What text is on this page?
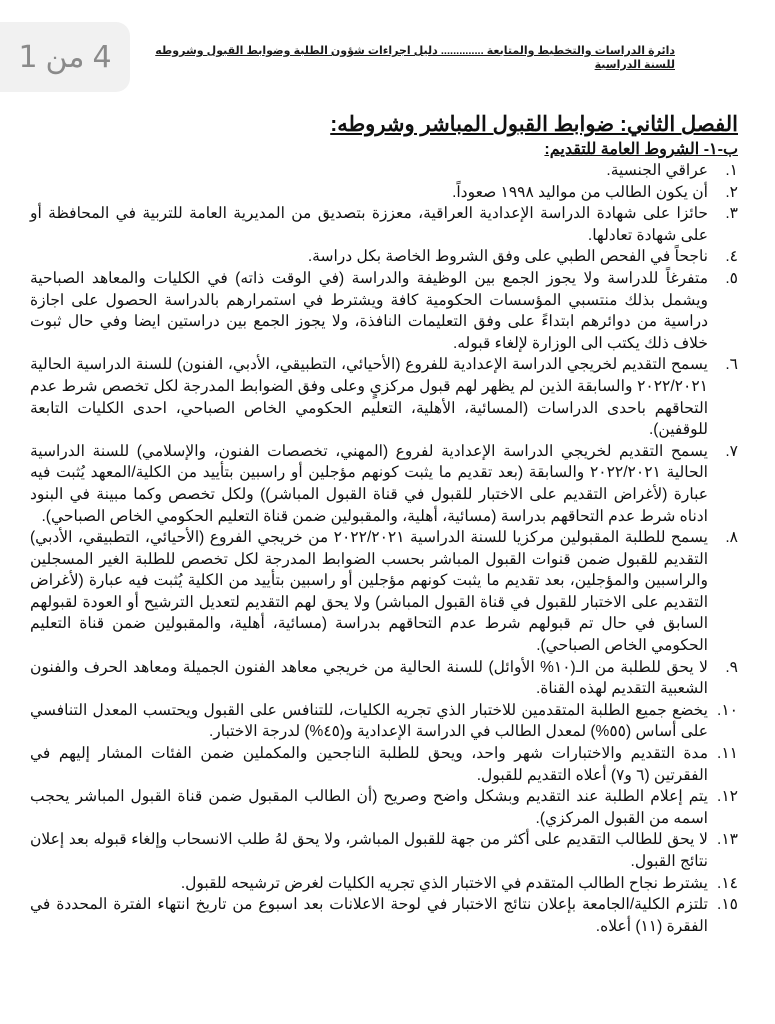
4
من
1	دائرة الدراسات والتخطيط والمتابعة .............. دليل اجراءات شؤون الطلبة وضوابط القبول وشروطه للسنة الدراسية
الفصل الثاني: ضوابط القبول المباشر وشروطه:
ب-١- الشروط العامة للتقديم:
١.
عراقي الجنسية.
٢.
أن يكون الطالب من مواليد ١٩٩٨ صعوداً.
٣.
حائزا على شهادة الدراسة الإعدادية العراقية، معززة بتصديق من المديرية العامة للتربية في المحافظة أو على شهادة تعادلها.
٤.
ناجحاً في الفحص الطبي على وفق الشروط الخاصة بكل دراسة.
٥.
متفرغاً للدراسة ولا يجوز الجمع بين الوظيفة والدراسة (في الوقت ذاته) في الكليات والمعاهد الصباحية ويشمل بذلك منتسبي المؤسسات الحكومية كافة ويشترط في استمرارهم بالدراسة الحصول على اجازة دراسية من دوائرهم ابتداءً على وفق التعليمات النافذة، ولا يجوز الجمع بين دراستين ايضا وفي حال ثبوت خلاف ذلك يكتب الى الوزارة لإلغاء قبوله.
٦.
يسمح التقديم لخريجي الدراسة الإعدادية للفروع (الأحيائي، التطبيقي، الأدبي، الفنون) للسنة الدراسية الحالية ٢٠٢٢/٢٠٢١ والسابقة الذين لم يظهر لهم قبول مركزيٍ وعلى وفق الضوابط المدرجة لكل تخصص شرط عدم التحاقهم باحدى الدراسات (المسائية، الأهلية، التعليم الحكومي الخاص الصباحي، احدى الكليات التابعة للوقفين).
٧.
يسمح التقديم لخريجي الدراسة الإعدادية لفروع (المهني، تخصصات الفنون، والإسلامي) للسنة الدراسية الحالية ٢٠٢٢/٢٠٢١ والسابقة (بعد تقديم ما يثبت كونهم مؤجلين أو راسبين بتأييد من الكلية/المعهد يُثبت فيه عبارة (لأغراض التقديم على الاختبار للقبول في قناة القبول المباشر)) ولكل تخصص وكما مبينة في البنود ادناه شرط عدم التحاقهم بدراسة (مسائية، أهلية، والمقبولين ضمن قناة التعليم الحكومي الخاص الصباحي).
٨.
يسمح للطلبة المقبولين مركزيا للسنة الدراسية ٢٠٢٢/٢٠٢١ من خريجي الفروع (الأحيائي، التطبيقي، الأدبي) التقديم للقبول ضمن قنوات القبول المباشر بحسب الضوابط المدرجة لكل تخصص للطلبة الغير المسجلين والراسبين والمؤجلين، بعد تقديم ما يثبت كونهم مؤجلين أو راسبين بتأييد من الكلية يُثبت فيه عبارة (لأغراض التقديم على الاختبار للقبول في قناة القبول المباشر) ولا يحق لهم التقديم لتعديل الترشيح أو العودة لقبولهم السابق في حال تم قبولهم شرط عدم التحاقهم بدراسة (مسائية، أهلية، والمقبولين ضمن قناة التعليم الحكومي الخاص الصباحي).
٩.
لا يحق للطلبة من الـ(١٠% الأوائل) للسنة الحالية من خريجي معاهد الفنون الجميلة ومعاهد الحرف والفنون الشعبية التقديم لهذه القناة.
١٠.
يخضع جميع الطلبة المتقدمين للاختبار الذي تجريه الكليات، للتنافس على القبول ويحتسب المعدل التنافسي على أساس (٥٥%) لمعدل الطالب في الدراسة الإعدادية و(٤٥%) لدرجة الاختبار.
١١.
مدة التقديم والاختبارات شهر واحد، ويحق للطلبة الناجحين والمكملين ضمن الفئات المشار إليهم في الفقرتين (٦ و٧) أعلاه التقديم للقبول.
١٢.
يتم إعلام الطلبة عند التقديم وبشكل واضح وصريح (أن الطالب المقبول ضمن قناة القبول المباشر يحجب اسمه من القبول المركزي).
١٣.
لا يحق للطالب التقديم على أكثر من جهة للقبول المباشر، ولا يحق لهُ طلب الانسحاب وإلغاء قبوله بعد إعلان نتائج القبول.
١٤.
يشترط نجاح الطالب المتقدم في الاختبار الذي تجريه الكليات لغرض ترشيحه للقبول.
١٥.
تلتزم الكلية/الجامعة بإعلان نتائج الاختبار في لوحة الاعلانات بعد اسبوع من تاريخ انتهاء الفترة المحددة في الفقرة (١١) أعلاه.
